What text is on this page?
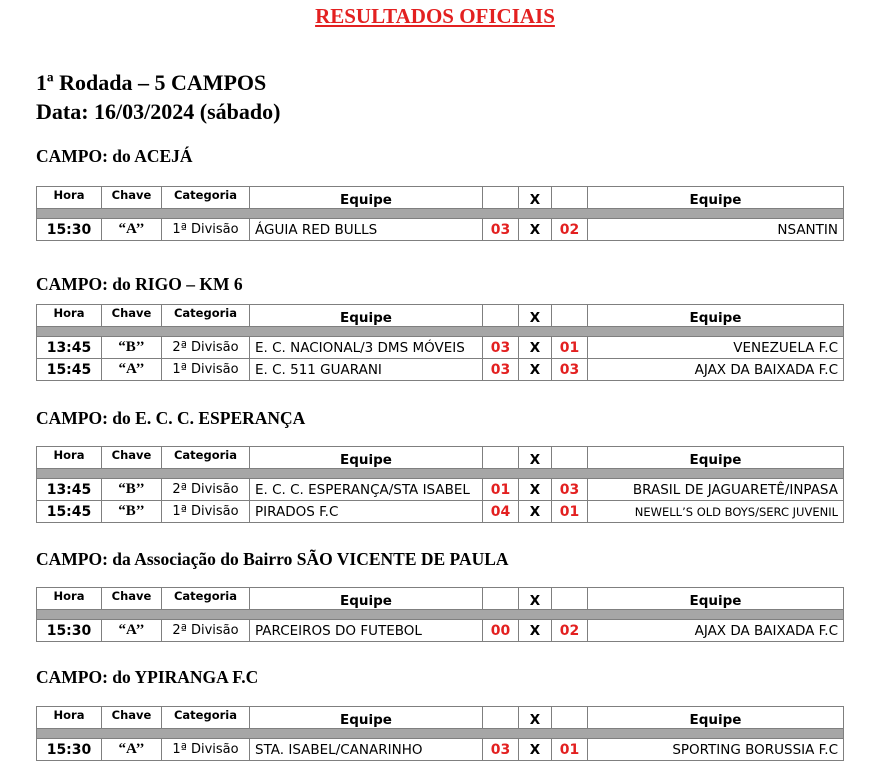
RESULTADOS OFICIAIS
1ª Rodada – 5 CAMPOS
Data: 16/03/2024 (sábado)
CAMPO: do ACEJÁ
Hora	Chave	Categoria	Equipe		X		Equipe

15:30	“A’’	1ª Divisão	ÁGUIA RED BULLS	03	X	02	NSANTIN
CAMPO: do RIGO – KM 6
Hora	Chave	Categoria	Equipe		X		Equipe

13:45	“B’’	2ª Divisão	E. C. NACIONAL/3 DMS MÓVEIS	03	X	01	VENEZUELA F.C
15:45	“A’’	1ª Divisão	E. C. 511 GUARANI	03	X	03	AJAX DA BAIXADA F.C
CAMPO: do E. C. C. ESPERANÇA
Hora	Chave	Categoria	Equipe		X		Equipe

13:45	“B’’	2ª Divisão	E. C. C. ESPERANÇA/STA ISABEL	01	X	03	BRASIL DE JAGUARETÊ/INPASA
15:45	“B’’	1ª Divisão	PIRADOS F.C	04	X	01	NEWELL’S OLD BOYS/SERC JUVENIL
CAMPO: da Associação do Bairro SÃO VICENTE DE PAULA
Hora	Chave	Categoria	Equipe		X		Equipe

15:30	“A’’	2ª Divisão	PARCEIROS DO FUTEBOL	00	X	02	AJAX DA BAIXADA F.C
CAMPO: do YPIRANGA F.C
Hora	Chave	Categoria	Equipe		X		Equipe

15:30	“A’’	1ª Divisão	STA. ISABEL/CANARINHO	03	X	01	SPORTING BORUSSIA F.C
